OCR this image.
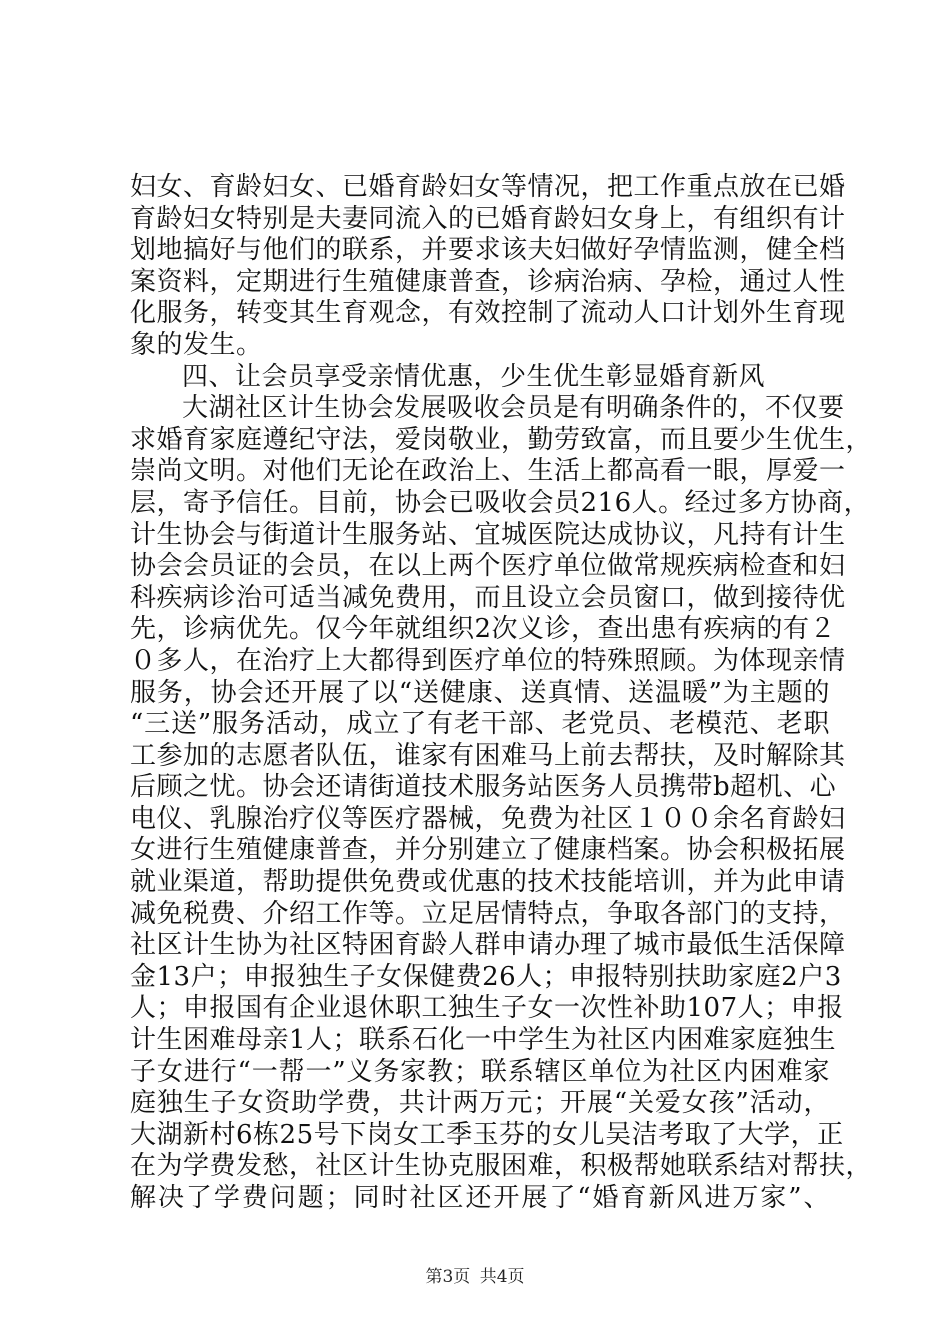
妇女、育龄妇女、已婚育龄妇女等情况，把工作重点放在已婚
育龄妇女特别是夫妻同流入的已婚育龄妇女身上，有组织有计
划地搞好与他们的联系，并要求该夫妇做好孕情监测，健全档
案资料，定期进行生殖健康普查，诊病治病、孕检，通过人性
化服务，转变其生育观念，有效控制了流动人口计划外生育现
象的发生。
四、让会员享受亲情优惠，少生优生彰显婚育新风
大湖社区计生协会发展吸收会员是有明确条件的，不仅要
求婚育家庭遵纪守法，爱岗敬业，勤劳致富，而且要少生优生，
崇尚文明。对他们无论在政治上、生活上都高看一眼，厚爱一
层，寄予信任。目前，协会已吸收会员216人。经过多方协商，
计生协会与街道计生服务站、宜城医院达成协议，凡持有计生
协会会员证的会员，在以上两个医疗单位做常规疾病检查和妇
科疾病诊治可适当减免费用，而且设立会员窗口，做到接待优
先，诊病优先。仅今年就组织2次义诊，查出患有疾病的有２
０多人，在治疗上大都得到医疗单位的特殊照顾。为体现亲情
服务，协会还开展了以“送健康、送真情、送温暖”为主题的
“三送”服务活动，成立了有老干部、老党员、老模范、老职
工参加的志愿者队伍，谁家有困难马上前去帮扶，及时解除其
后顾之忧。协会还请街道技术服务站医务人员携带b超机、心
电仪、乳腺治疗仪等医疗器械，免费为社区１００余名育龄妇
女进行生殖健康普查，并分别建立了健康档案。协会积极拓展
就业渠道，帮助提供免费或优惠的技术技能培训，并为此申请
减免税费、介绍工作等。立足居情特点，争取各部门的支持，
社区计生协为社区特困育龄人群申请办理了城市最低生活保障
金13户；申报独生子女保健费26人；申报特别扶助家庭2户3
人；申报国有企业退休职工独生子女一次性补助107人；申报
计生困难母亲1人；联系石化一中学生为社区内困难家庭独生
子女进行“一帮一”义务家教；联系辖区单位为社区内困难家
庭独生子女资助学费，共计两万元；开展“关爱女孩”活动，
大湖新村6栋25号下岗女工季玉芬的女儿吴洁考取了大学，正
在为学费发愁，社区计生协克服困难，积极帮她联系结对帮扶，
解决了学费问题；同时社区还开展了“婚育新风进万家”、
第3页 共4页
